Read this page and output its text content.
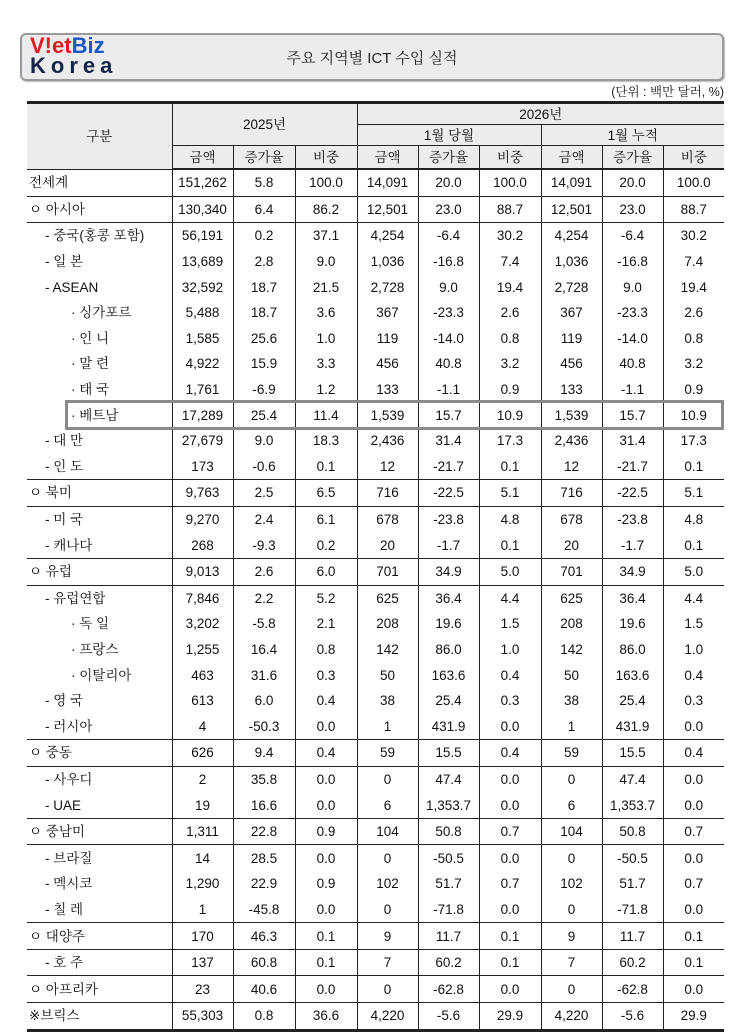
V!etBiz
Korea	주요 지역별 ICT 수입 실적
(단위 : 백만 달러, %)
구분	2025년			2026년					
				1월 당월			1월 누적		
	금액	증가율	비중	금액	증가율	비중	금액	증가율	비중
전세계	151,262	5.8	100.0	14,091	20.0	100.0	14,091	20.0	100.0
ㅇ 아시아	130,340	6.4	86.2	12,501	23.0	88.7	12,501	23.0	88.7
- 중국(홍콩 포함)	56,191	0.2	37.1	4,254	-6.4	30.2	4,254	-6.4	30.2
- 일 본	13,689	2.8	9.0	1,036	-16.8	7.4	1,036	-16.8	7.4
- ASEAN	32,592	18.7	21.5	2,728	9.0	19.4	2,728	9.0	19.4
· 싱가포르	5,488	18.7	3.6	367	-23.3	2.6	367	-23.3	2.6
· 인 니	1,585	25.6	1.0	119	-14.0	0.8	119	-14.0	0.8
· 말 련	4,922	15.9	3.3	456	40.8	3.2	456	40.8	3.2
· 태 국	1,761	-6.9	1.2	133	-1.1	0.9	133	-1.1	0.9
· 베트남	17,289	25.4	11.4	1,539	15.7	10.9	1,539	15.7	10.9
- 대 만	27,679	9.0	18.3	2,436	31.4	17.3	2,436	31.4	17.3
- 인 도	173	-0.6	0.1	12	-21.7	0.1	12	-21.7	0.1
ㅇ 북미	9,763	2.5	6.5	716	-22.5	5.1	716	-22.5	5.1
- 미 국	9,270	2.4	6.1	678	-23.8	4.8	678	-23.8	4.8
- 캐나다	268	-9.3	0.2	20	-1.7	0.1	20	-1.7	0.1
ㅇ 유럽	9,013	2.6	6.0	701	34.9	5.0	701	34.9	5.0
- 유럽연합	7,846	2.2	5.2	625	36.4	4.4	625	36.4	4.4
· 독 일	3,202	-5.8	2.1	208	19.6	1.5	208	19.6	1.5
· 프랑스	1,255	16.4	0.8	142	86.0	1.0	142	86.0	1.0
· 이탈리아	463	31.6	0.3	50	163.6	0.4	50	163.6	0.4
- 영 국	613	6.0	0.4	38	25.4	0.3	38	25.4	0.3
- 러시아	4	-50.3	0.0	1	431.9	0.0	1	431.9	0.0
ㅇ 중동	626	9.4	0.4	59	15.5	0.4	59	15.5	0.4
- 사우디	2	35.8	0.0	0	47.4	0.0	0	47.4	0.0
- UAE	19	16.6	0.0	6	1,353.7	0.0	6	1,353.7	0.0
ㅇ 중남미	1,311	22.8	0.9	104	50.8	0.7	104	50.8	0.7
- 브라질	14	28.5	0.0	0	-50.5	0.0	0	-50.5	0.0
- 멕시코	1,290	22.9	0.9	102	51.7	0.7	102	51.7	0.7
- 칠 레	1	-45.8	0.0	0	-71.8	0.0	0	-71.8	0.0
ㅇ 대양주	170	46.3	0.1	9	11.7	0.1	9	11.7	0.1
- 호 주	137	60.8	0.1	7	60.2	0.1	7	60.2	0.1
ㅇ 아프리카	23	40.6	0.0	0	-62.8	0.0	0	-62.8	0.0
※브릭스	55,303	0.8	36.6	4,220	-5.6	29.9	4,220	-5.6	29.9
